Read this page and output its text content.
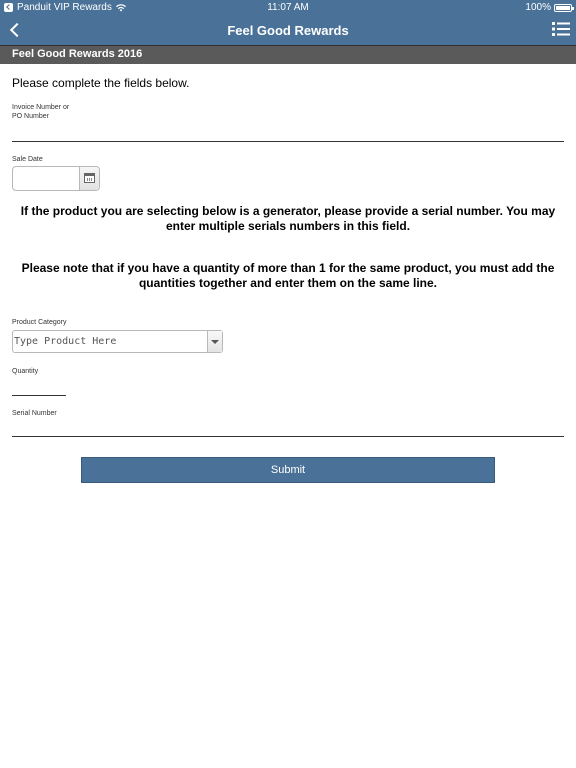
Panduit VIP Rewards	11:07 AM	100%
Feel Good Rewards
Feel Good Rewards 2016
Please complete the fields below.
Invoice Number or
PO Number
Sale Date
If the product you are selecting below is a generator, please provide a serial number. You may enter multiple serials numbers in this field.
Please note that if you have a quantity of more than 1 for the same product, you must add the quantities together and enter them on the same line.
Product Category
Type Product Here
Quantity
Serial Number
Submit
